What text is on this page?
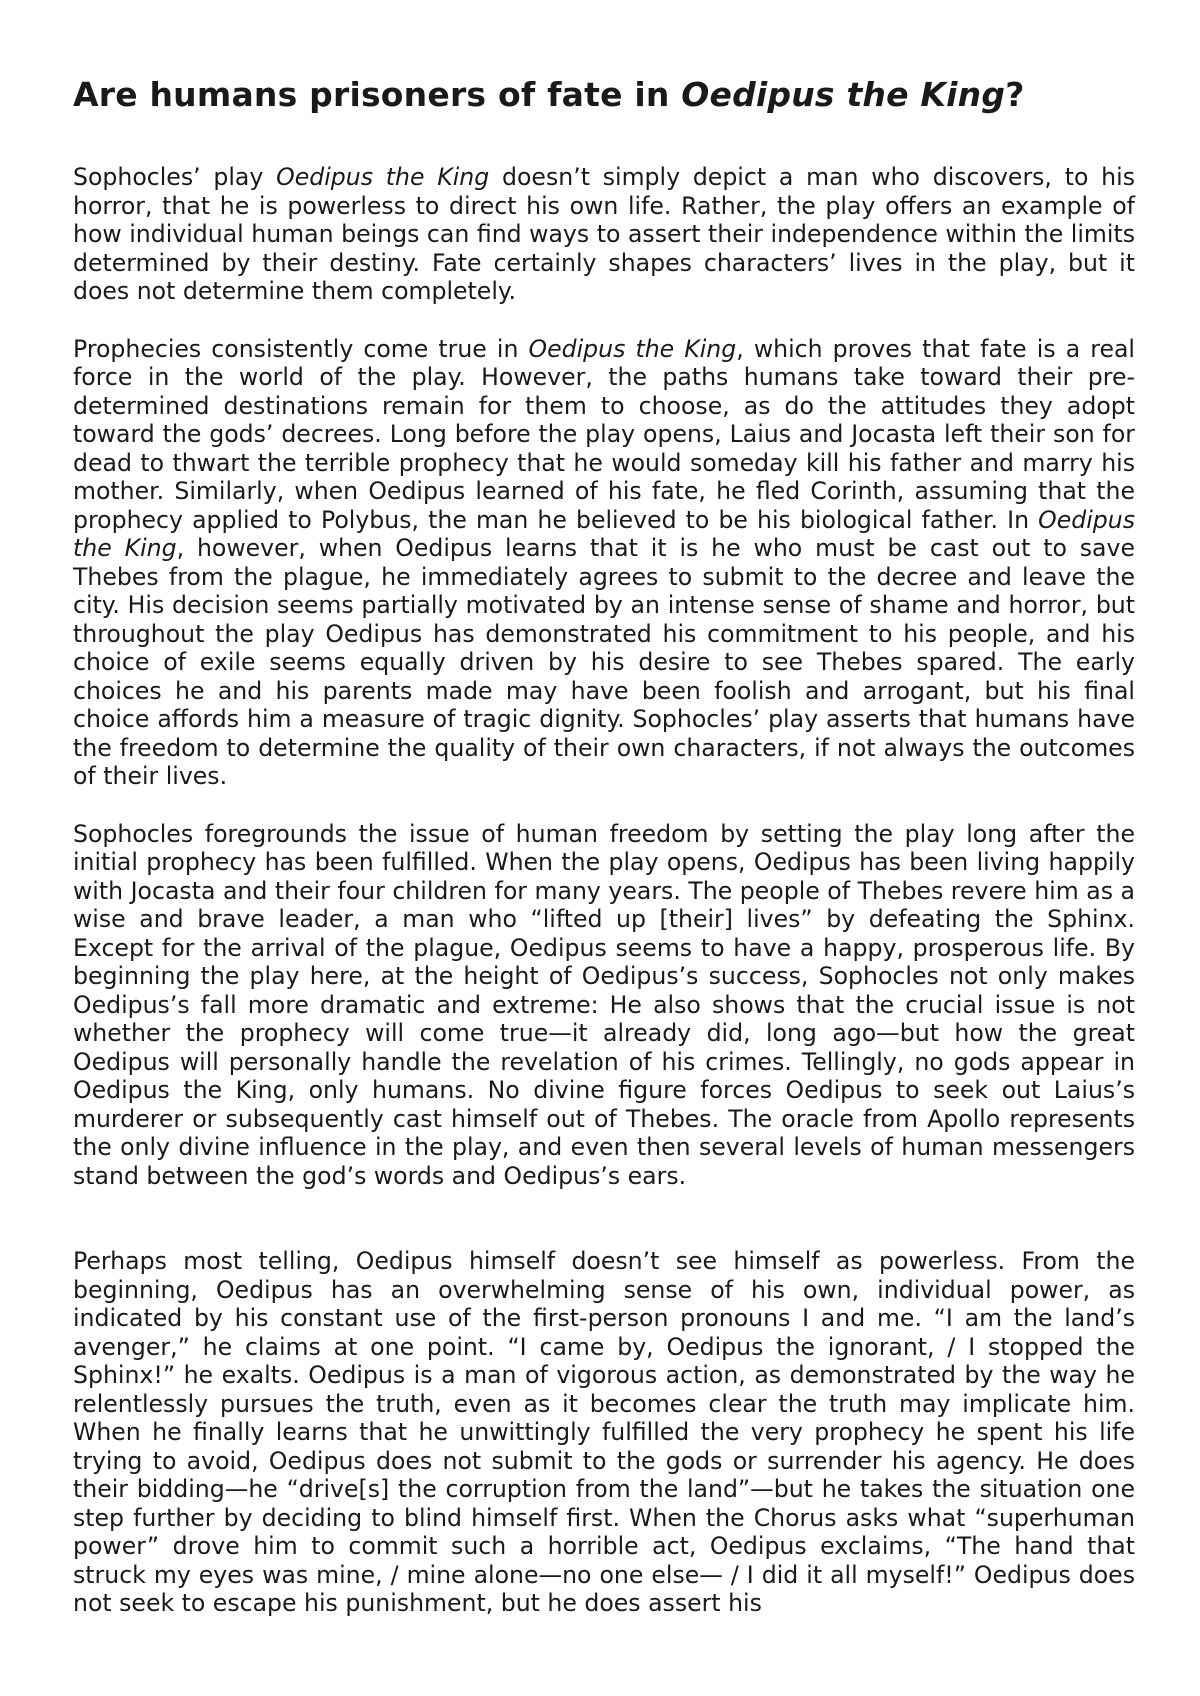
Are humans prisoners of fate in Oedipus the King?

Sophocles’ play Oedipus the King doesn’t simply depict a man who discovers, to his horror, that he is powerless to direct his own life. Rather, the play offers an example of how individual human beings can find ways to assert their independence within the limits determined by their destiny. Fate certainly shapes characters’ lives in the play, but it does not determine them completely.

Prophecies consistently come true in Oedipus the King, which proves that fate is a real force in the world of the play. However, the paths humans take toward their pre-determined destinations remain for them to choose, as do the attitudes they adopt toward the gods’ decrees. Long before the play opens, Laius and Jocasta left their son for dead to thwart the terrible prophecy that he would someday kill his father and marry his mother. Similarly, when Oedipus learned of his fate, he fled Corinth, assuming that the prophecy applied to Polybus, the man he believed to be his biological father. In Oedipus the King, however, when Oedipus learns that it is he who must be cast out to save Thebes from the plague, he immediately agrees to submit to the decree and leave the city. His decision seems partially motivated by an intense sense of shame and horror, but throughout the play Oedipus has demonstrated his commitment to his people, and his choice of exile seems equally driven by his desire to see Thebes spared. The early choices he and his parents made may have been foolish and arrogant, but his final choice affords him a measure of tragic dignity. Sophocles’ play asserts that humans have the freedom to determine the quality of their own characters, if not always the outcomes of their lives.

Sophocles foregrounds the issue of human freedom by setting the play long after the initial prophecy has been fulfilled. When the play opens, Oedipus has been living happily with Jocasta and their four children for many years. The people of Thebes revere him as a wise and brave leader, a man who “lifted up [their] lives” by defeating the Sphinx. Except for the arrival of the plague, Oedipus seems to have a happy, prosperous life. By beginning the play here, at the height of Oedipus’s success, Sophocles not only makes Oedipus’s fall more dramatic and extreme: He also shows that the crucial issue is not whether the prophecy will come true—it already did, long ago—but how the great Oedipus will personally handle the revelation of his crimes. Tellingly, no gods appear in Oedipus the King, only humans. No divine figure forces Oedipus to seek out Laius’s murderer or subsequently cast himself out of Thebes. The oracle from Apollo represents the only divine influence in the play, and even then several levels of human messengers stand between the god’s words and Oedipus’s ears.

Perhaps most telling, Oedipus himself doesn’t see himself as powerless. From the beginning, Oedipus has an overwhelming sense of his own, individual power, as indicated by his constant use of the first-person pronouns I and me. “I am the land’s avenger,” he claims at one point. “I came by, Oedipus the ignorant, / I stopped the Sphinx!” he exalts. Oedipus is a man of vigorous action, as demonstrated by the way he relentlessly pursues the truth, even as it becomes clear the truth may implicate him. When he finally learns that he unwittingly fulfilled the very prophecy he spent his life trying to avoid, Oedipus does not submit to the gods or surrender his agency. He does their bidding—he “drive[s] the corruption from the land”—but he takes the situation one step further by deciding to blind himself first. When the Chorus asks what “superhuman power” drove him to commit such a horrible act, Oedipus exclaims, “The hand that struck my eyes was mine, / mine alone—no one else— / I did it all myself!” Oedipus does not seek to escape his punishment, but he does assert his
